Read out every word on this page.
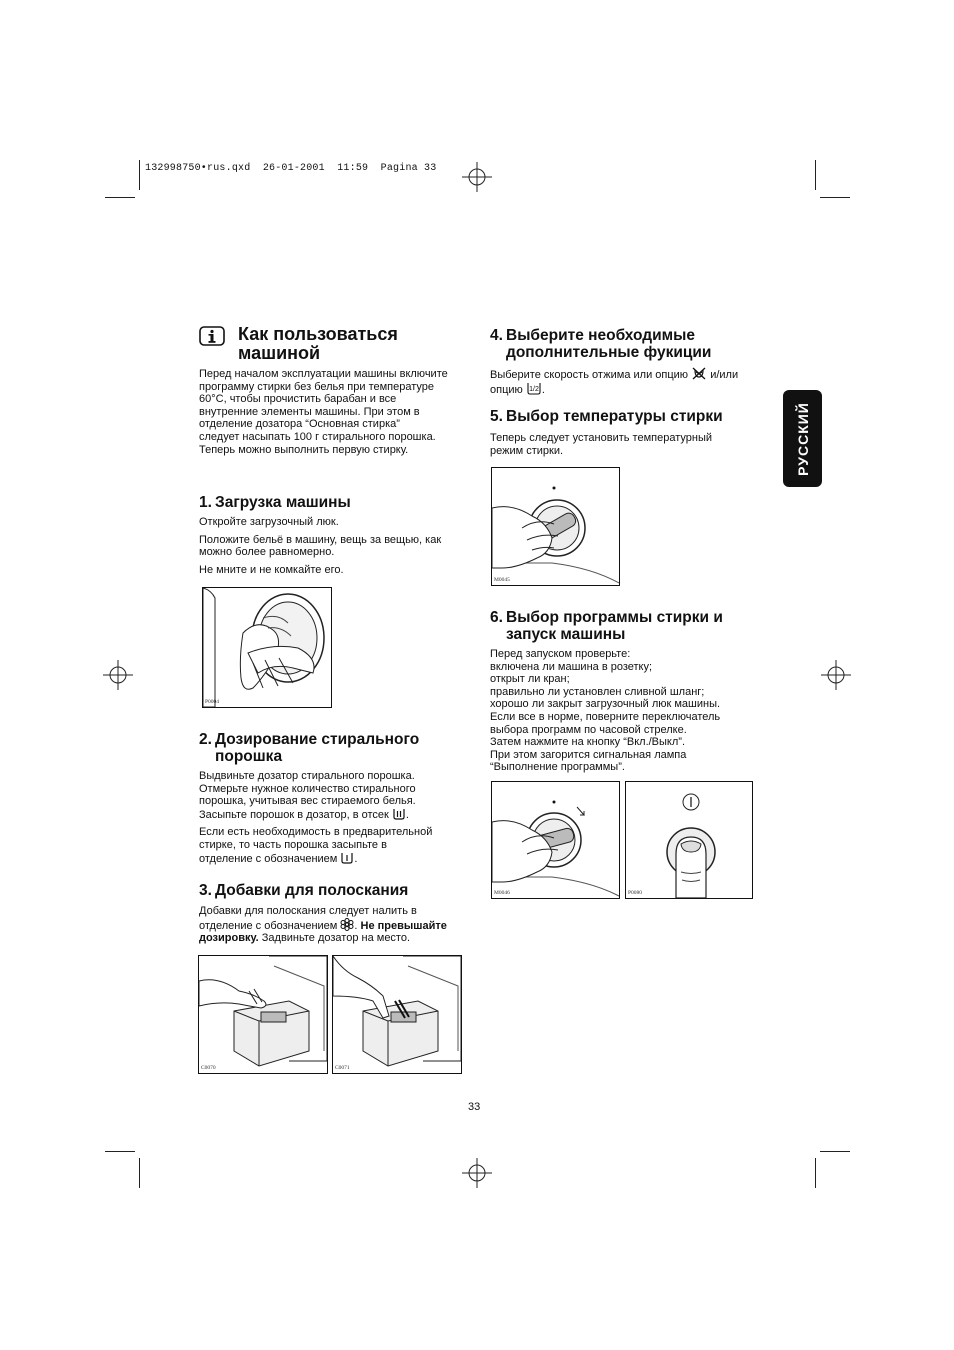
132998750•rus.qxd  26-01-2001  11:59  Pagina 33
РУССКИЙ
Как пользоваться
машиной

Перед началом эксплуатации машины включите

программу стирки без белья при температуре

60°C, чтобы прочистить барабан и все

внутренние элементы машины. При этом в

отделение дозатора “Основная стирка”

следует насыпать 100 г стирального порошка.

Теперь можно выполнить первую стирку.

1. Загрузка машины

Откройте загрузочный люк.

Положите бельё в машину, вещь за вещью, как

можно более равномерно.

Не мните и не комкайте его.

P0004
2. Дозирование стирального
порошка

Выдвиньте дозатор стирального порошка.

Отмерьте нужное количество стирального

порошка, учитывая вес стираемого белья.

Засыпьте порошок в дозатор, в отсек .

Если есть необходимость в предварительной

стирке, то часть порошка засыпьте в

отделение с обозначением .

3. Добавки для полоскания

Добавки для полоскания следует налить в

отделение с обозначением . Не превышайте

дозировку. Задвиньте дозатор на место.

C0070	C0071
4. Выберите необходимые
дополнительные фукиции

Выберите скорость отжима или опцию и/или

опцию 1/2 .

5. Выбор температуры стирки

Теперь следует установить температурный

режим стирки.

M0045
6. Выбор программы стирки и
запуск машины

Перед запуском проверьте:

включена ли машина в розетку;

открыт ли кран;

правильно ли установлен сливной шланг;

хорошо ли закрыт загрузочный люк машины.

Если все в норме, поверните переключатель

выбора программ по часовой стрелке.

Затем нажмите на кнопку “Вкл./Выкл”.

При этом загорится сигнальная лампа

“Выполнение программы”.

M0046	P0080
33
